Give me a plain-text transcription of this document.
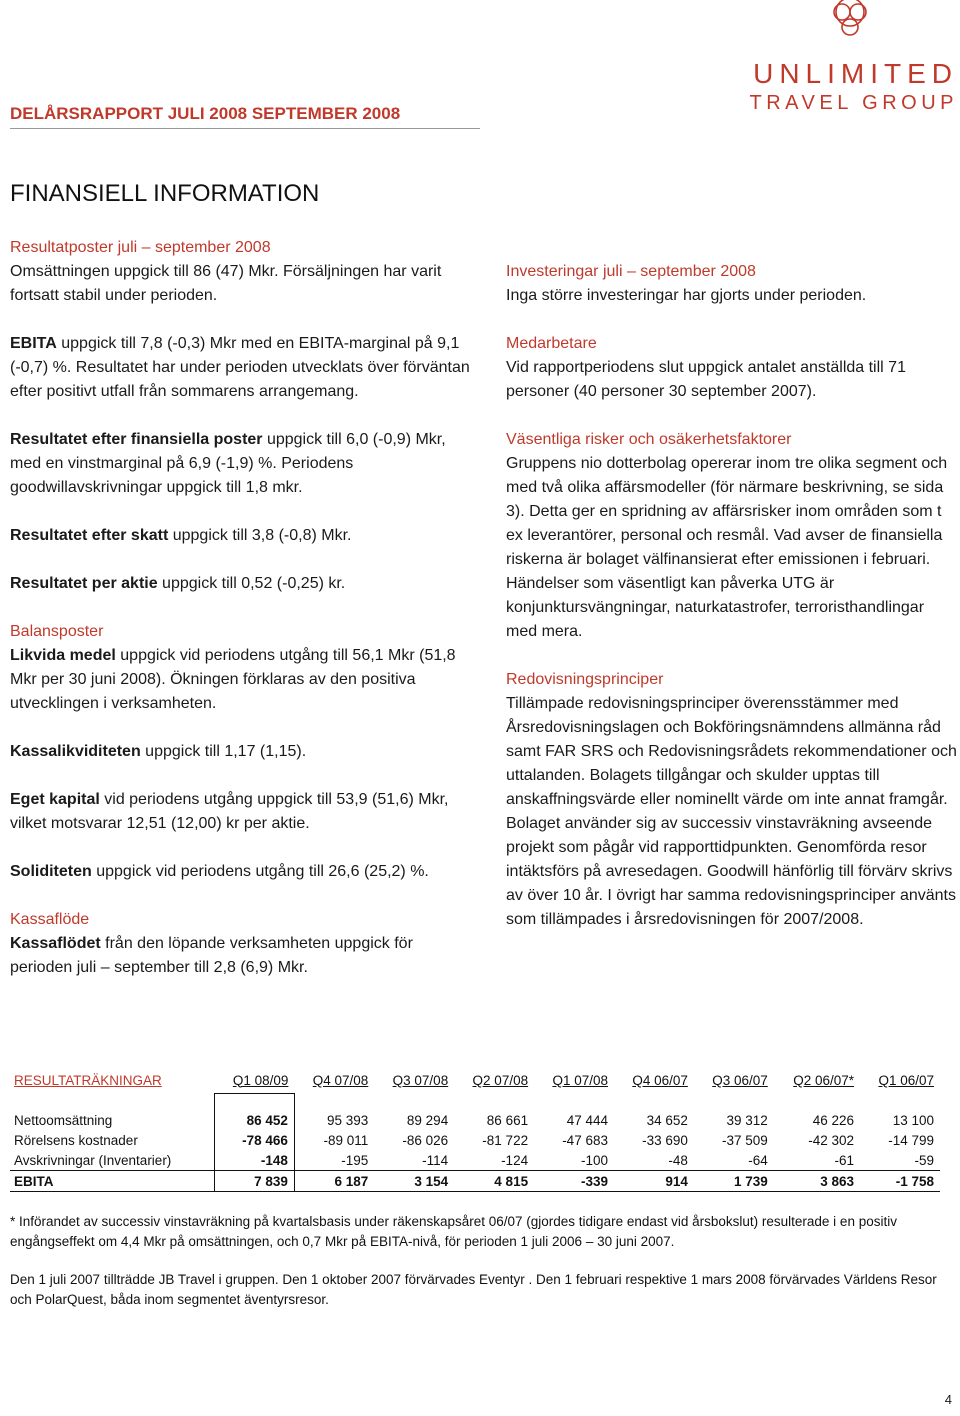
DELÅRSRAPPORT JULI 2008 SEPTEMBER 2008
UNLIMITED
TRAVEL GROUP
FINANSIELL INFORMATION

Resultatposter juli – september 2008

Omsättningen uppgick till 86 (47) Mkr. Försäljningen har varit fortsatt stabil under perioden.

EBITA uppgick till 7,8 (-0,3) Mkr med en EBITA-marginal på 9,1 (-0,7) %. Resultatet har under perioden utvecklats över förväntan efter positivt utfall från sommarens arrangemang.

Resultatet efter finansiella poster uppgick till 6,0 (-0,9) Mkr, med en vinstmarginal på 6,9 (-1,9) %. Periodens goodwillavskrivningar uppgick till 1,8 mkr.

Resultatet efter skatt uppgick till 3,8 (-0,8) Mkr.

Resultatet per aktie uppgick till 0,52 (-0,25) kr.

Balansposter

Likvida medel uppgick vid periodens utgång till 56,1 Mkr (51,8 Mkr per 30 juni 2008). Ökningen förklaras av den positiva utvecklingen i verksamheten.

Kassalikviditeten uppgick till 1,17 (1,15).

Eget kapital vid periodens utgång uppgick till 53,9 (51,6) Mkr, vilket motsvarar 12,51 (12,00) kr per aktie.

Soliditeten uppgick vid periodens utgång till 26,6 (25,2) %.

Kassaflöde

Kassaflödet från den löpande verksamheten uppgick för perioden juli – september till 2,8 (6,9) Mkr.

Investeringar juli – september 2008

Inga större investeringar har gjorts under perioden.

Medarbetare

Vid rapportperiodens slut uppgick antalet anställda till 71 personer (40 personer 30 september 2007).

Väsentliga risker och osäkerhetsfaktorer

Gruppens nio dotterbolag opererar inom tre olika segment och med två olika affärsmodeller (för närmare beskrivning, se sida 3). Detta ger en spridning av affärsrisker inom områden som t ex leverantörer, personal och resmål. Vad avser de finansiella riskerna är bolaget välfinansierat efter emissionen i februari. Händelser som väsentligt kan påverka UTG är konjunktursvängningar, naturkatastrofer, terroristhandlingar med mera.

Redovisningsprinciper

Tillämpade redovisningsprinciper överensstämmer med Årsredovisningslagen och Bokföringsnämndens allmänna råd samt FAR SRS och Redovisningsrådets rekommendationer och uttalanden. Bolagets tillgångar och skulder upptas till anskaffningsvärde eller nominellt värde om inte annat framgår.

Bolaget använder sig av successiv vinstavräkning avseende projekt som pågår vid rapporttidpunkten. Genomförda resor intäktsförs på avresedagen. Goodwill hänförlig till förvärv skrivs av över 10 år. I övrigt har samma redovisningsprinciper använts som tillämpades i årsredovisningen för 2007/2008.

RESULTATRÄKNINGAR	Q1 08/09	Q4 07/08	Q3 07/08	Q2 07/08	Q1 07/08	Q4 06/07	Q3 06/07	Q2 06/07*	Q1 06/07

Nettoomsättning	86 452	95 393	89 294	86 661	47 444	34 652	39 312	46 226	13 100
Rörelsens kostnader	-78 466	-89 011	-86 026	-81 722	-47 683	-33 690	-37 509	-42 302	-14 799
Avskrivningar (Inventarier)	-148	-195	-114	-124	-100	-48	-64	-61	-59
EBITA	7 839	6 187	3 154	4 815	-339	914	1 739	3 863	-1 758

* Införandet av successiv vinstavräkning på kvartalsbasis under räkenskapsåret 06/07 (gjordes tidigare endast vid årsbokslut) resulterade i en positiv engångseffekt om 4,4 Mkr på omsättningen, och 0,7 Mkr på EBITA-nivå, för perioden 1 juli 2006 – 30 juni 2007.

Den 1 juli 2007 tillträdde JB Travel i gruppen. Den 1 oktober 2007 förvärvades Eventyr . Den 1 februari respektive 1 mars 2008 förvärvades Världens Resor och PolarQuest, båda inom segmentet äventyrsresor.

4
